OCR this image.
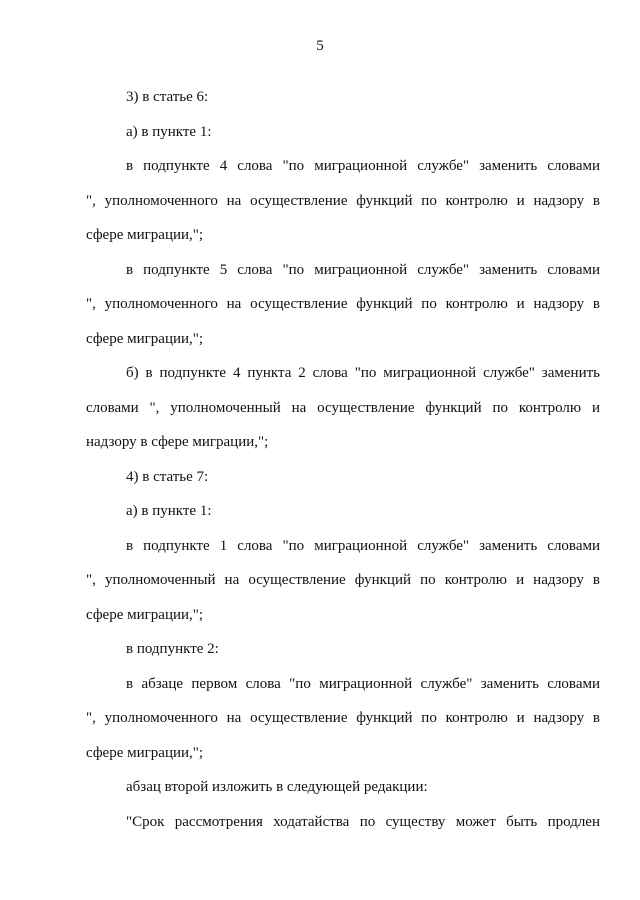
5

3) в статье 6:

а) в пункте 1:

в подпункте 4 слова "по миграционной службе" заменить словами

", уполномоченного на осуществление функций по контролю и надзору в

сфере миграции,";

в подпункте 5 слова "по миграционной службе" заменить словами

", уполномоченного на осуществление функций по контролю и надзору в

сфере миграции,";

б) в подпункте 4 пункта 2 слова "по миграционной службе" заменить

словами ", уполномоченный на осуществление функций по контролю и

надзору в сфере миграции,";

4) в статье 7:

а) в пункте 1:

в подпункте 1 слова "по миграционной службе" заменить словами

", уполномоченный на осуществление функций по контролю и надзору в

сфере миграции,";

в подпункте 2:

в абзаце первом слова "по миграционной службе" заменить словами

", уполномоченного на осуществление функций по контролю и надзору в

сфере миграции,";

абзац второй изложить в следующей редакции:

"Срок рассмотрения ходатайства по существу может быть продлен
